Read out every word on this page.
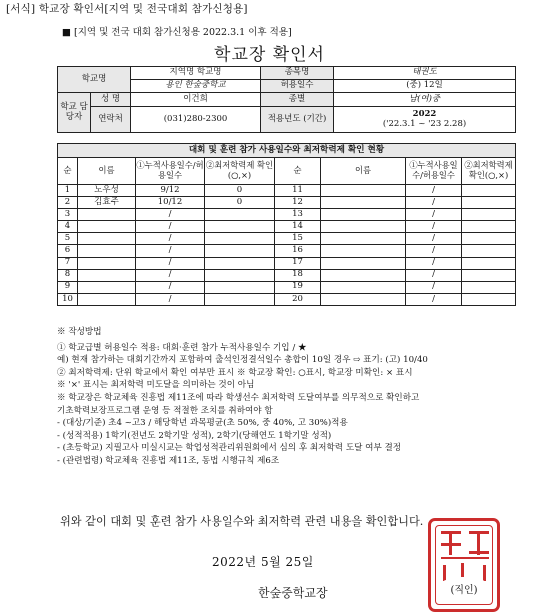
[서식] 학교장 확인서[지역 및 전국대회 참가신청용]
■ [지역 및 전국 대회 참가신청용 2022.3.1 이후 적용]
학교장 확인서
학교명		지역명 학교명	종목명	태권도
		용인 한숲중학교	허용일수	(중) 12일
학교 담당자	성 명	이건희	종별	남(여)중
	연락처	(031)280-2300	적용년도 (기간)	2022
('22.3.1 ~ '23 2.28)
대회 및 훈련 참가 사용일수와 최저학력제 확인 현황							
순	이름	①누적사용일수/허용일수	②최저학력제 확인(○,×)	순	이름	①누적사용일수/허용일수	②최저학력제 확인(○,×)
1	노우성	9/12	0	11		/	
2	김효주	10/12	0	12		/	
3		/		13		/	
4		/		14		/	
5		/		15		/	
6		/		16		/	
7		/		17		/	
8		/		18		/	
9		/		19		/	
10		/		20		/	
※ 작성방법
① 학교급별 허용일수 적용: 대회·훈련 참가 누적사용일수 기입 / ★
예) 현재 참가하는 대회기간까지 포함하여 출석인정결석일수 총합이 10일 경우 ⇨ 표기: (고) 10/40
② 최저학력제: 단위 학교에서 확인 여부만 표시 ※ 학교장 확인: ○표시, 학교장 미확인: × 표시
※ '×' 표시는 최저학력 미도달을 의미하는 것이 아님
※ 학교장은 학교체육 진흥법 제11조에 따라 학생선수 최저학력 도달여부를 의무적으로 확인하고
기초학력보장프로그램 운영 등 적절한 조치를 취하여야 함
- (대상/기준) 초4 ~고3 / 해당학년 과목평균(초 50%, 중 40%, 고 30%)적용
- (성적적용) 1학기(전년도 2학기말 성적), 2학기(당해연도 1학기말 성적)
- (초등학교) 지필고사 미실시교는 학업성적관리위원회에서 심의 후 최저학력 도달 여부 결정
- (관련법령) 학교체육 진흥법 제11조, 동법 시행규칙 제6조
위와 같이 대회 및 훈련 참가 사용일수와 최저학력 관련 내용을 확인합니다.
2022년 5월 25일
한숲중학교장	(직인)
